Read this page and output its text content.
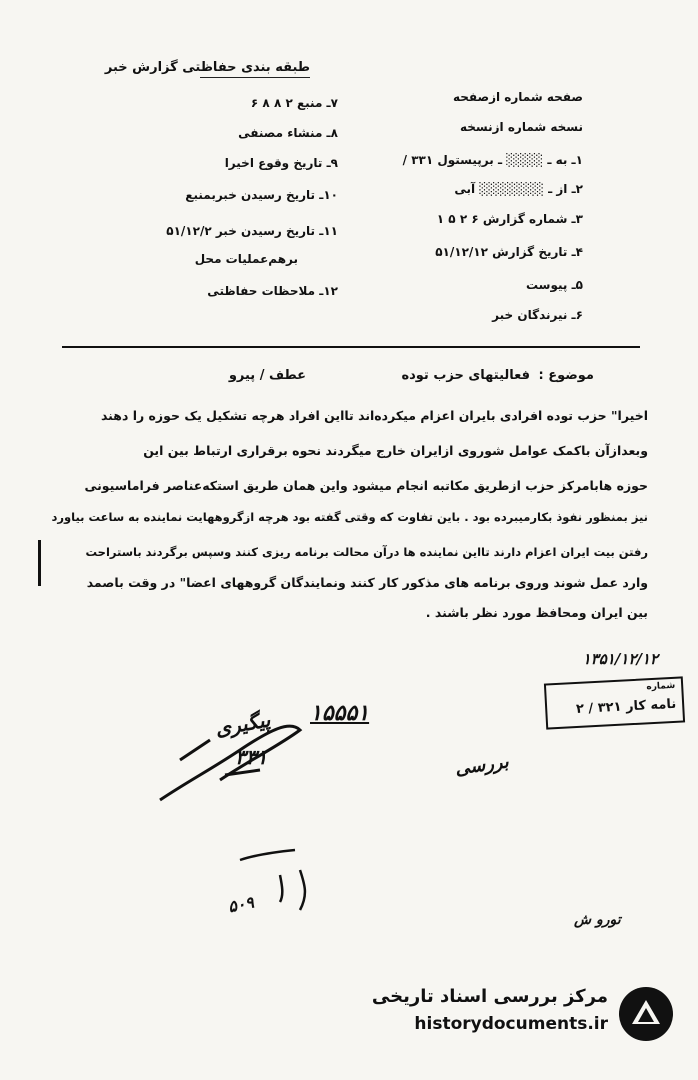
طبقه بندی حفاظتی گزارش خبر
صفحه شماره ازصفحه
نسخه شماره ازنسخه
۱ـ به ـ ░░░░ ـ برپیستول ۳۳۱ /
۲ـ از ـ ░░░░░░░ آبی
۳ـ شماره گزارش ۶ ۲ ۵ ۱
۴ـ تاریخ گزارش ۵۱/۱۲/۱۲
۵ـ پیوست
۶ـ نیرندگان خبر
۷ـ منبع ۲ ۸ ۸ ۶
۸ـ منشاء مصنفی
۹ـ تاریخ وقوع اخیرا
۱۰ـ تاریخ رسیدن خبربمنبع
۱۱ـ تاریخ رسیدن خبر ۵۱/۱۲/۲
برهم‌عملیات محل
۱۲ـ ملاحظات حفاظتی
موضوع :
فعالیتهای حزب توده
عطف / پیرو
اخیرا" حزب توده افرادی بایران اعزام میکرده‌اند تااین افراد هرچه تشکیل یک حوزه را دهند
وبعدازآن باکمک عوامل شوروی ازایران خارج میگردند نحوه برقراری ارتباط بین این
حوزه هابامرکز حزب ازطریق مکاتبه انجام میشود واین همان طریق استکه‌عناصر فراماسیونی
نیز بمنظور نفوذ بکارمیبرده بود . باین تفاوت که وقتی گفته بود هرچه ازگروههایت نماینده به ساعت بیاورد
رفتن بیت ایران اعزام دارند تااین نماینده ها درآن محالت برنامه ریزی کنند وسپس برگردند باستراحت
وارد عمل شوند وروی برنامه های مذکور کار کنند ونمایندگان گروههای اعضا" در وقت باصمد
بین ایران ومحافظ مورد نظر باشند .
۱۳۵۱/۱۲/۱۲
شماره
نامه کار ۳۲۱ / ۲
۱۵۵۵۱
پیگیری
۳۳۱	بررسی
۵۰۹
تورو ش
مرکز بررسی اسناد تاریخی
historydocuments.ir
